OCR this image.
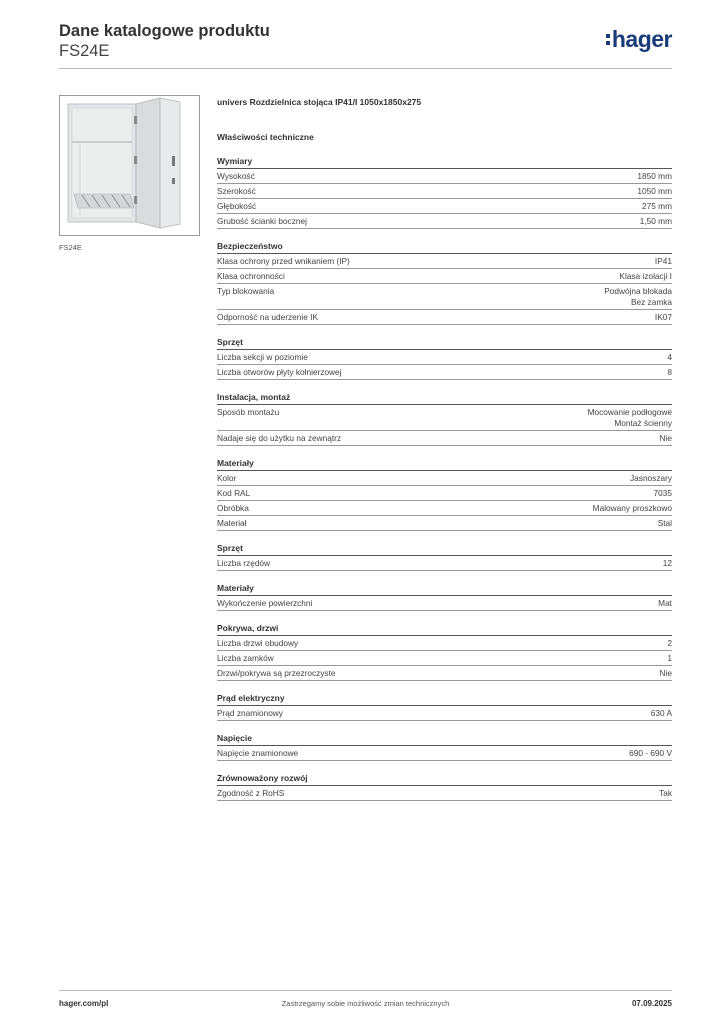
Dane katalogowe produktu
FS24E	hager
FS24E
univers Rozdzielnica stojąca IP41/I 1050x1850x275
Właściwości techniczne
Wymiary
Wysokość	1850 mm
Szerokość	1050 mm
Głębokość	275 mm
Grubość ścianki bocznej	1,50 mm
Bezpieczeństwo
Klasa ochrony przed wnikaniem (IP)	IP41
Klasa ochronności	Klasa izolacji I
Typ blokowania	Podwójna blokada
Bez zamka
Odporność na uderzenie IK	IK07
Sprzęt
Liczba sekcji w poziomie	4
Liczba otworów płyty kołnierzowej	8
Instalacja, montaż
Sposób montażu	Mocowanie podłogowe
Montaż ścienny
Nadaje się do użytku na zewnątrz	Nie
Materiały
Kolor	Jasnoszary
Kod RAL	7035
Obróbka	Malowany proszkowo
Materiał	Stal
Sprzęt
Liczba rzędów	12
Materiały
Wykończenie powierzchni	Mat
Pokrywa, drzwi
Liczba drzwi obudowy	2
Liczba zamków	1
Drzwi/pokrywa są przezroczyste	Nie
Prąd elektryczny
Prąd znamionowy	630 A
Napięcie
Napięcie znamionowe	690 - 690 V
Zrównoważony rozwój
Zgodność z RoHS	Tak
hager.com/pl	Zastrzegamy sobie możliwość zmian technicznych	07.09.2025
